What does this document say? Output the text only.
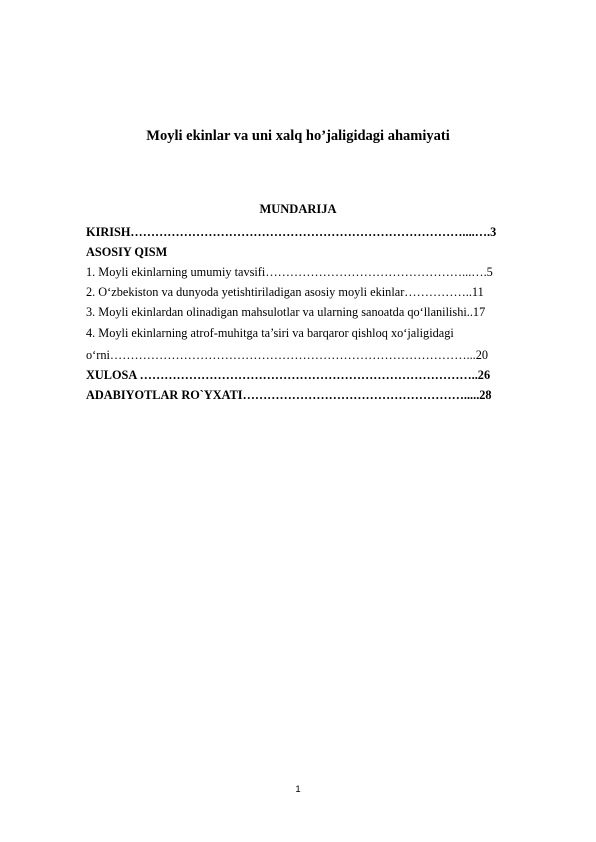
Moyli ekinlar va uni xalq ho’jaligidagi ahamiyati
MUNDARIJA
KIRISH………………………………………………………………………....….3
ASOSIY QISM
1. Moyli ekinlarning umumiy tavsifi…………………………………………...….5
2. O‘zbekiston va dunyoda yetishtiriladigan asosiy moyli ekinlar……………..11
3. Moyli ekinlardan olinadigan mahsulotlar va ularning sanoatda qo‘llanilishi..17
4. Moyli ekinlarning atrof-muhitga ta’siri va barqaror qishloq xo‘jaligidagi
o‘rni……………………………………………………………………………...20
XULOSA ………………………………………………………………………..26
ADABIYOTLAR RO`YXATI……………………………………………….....28
1
